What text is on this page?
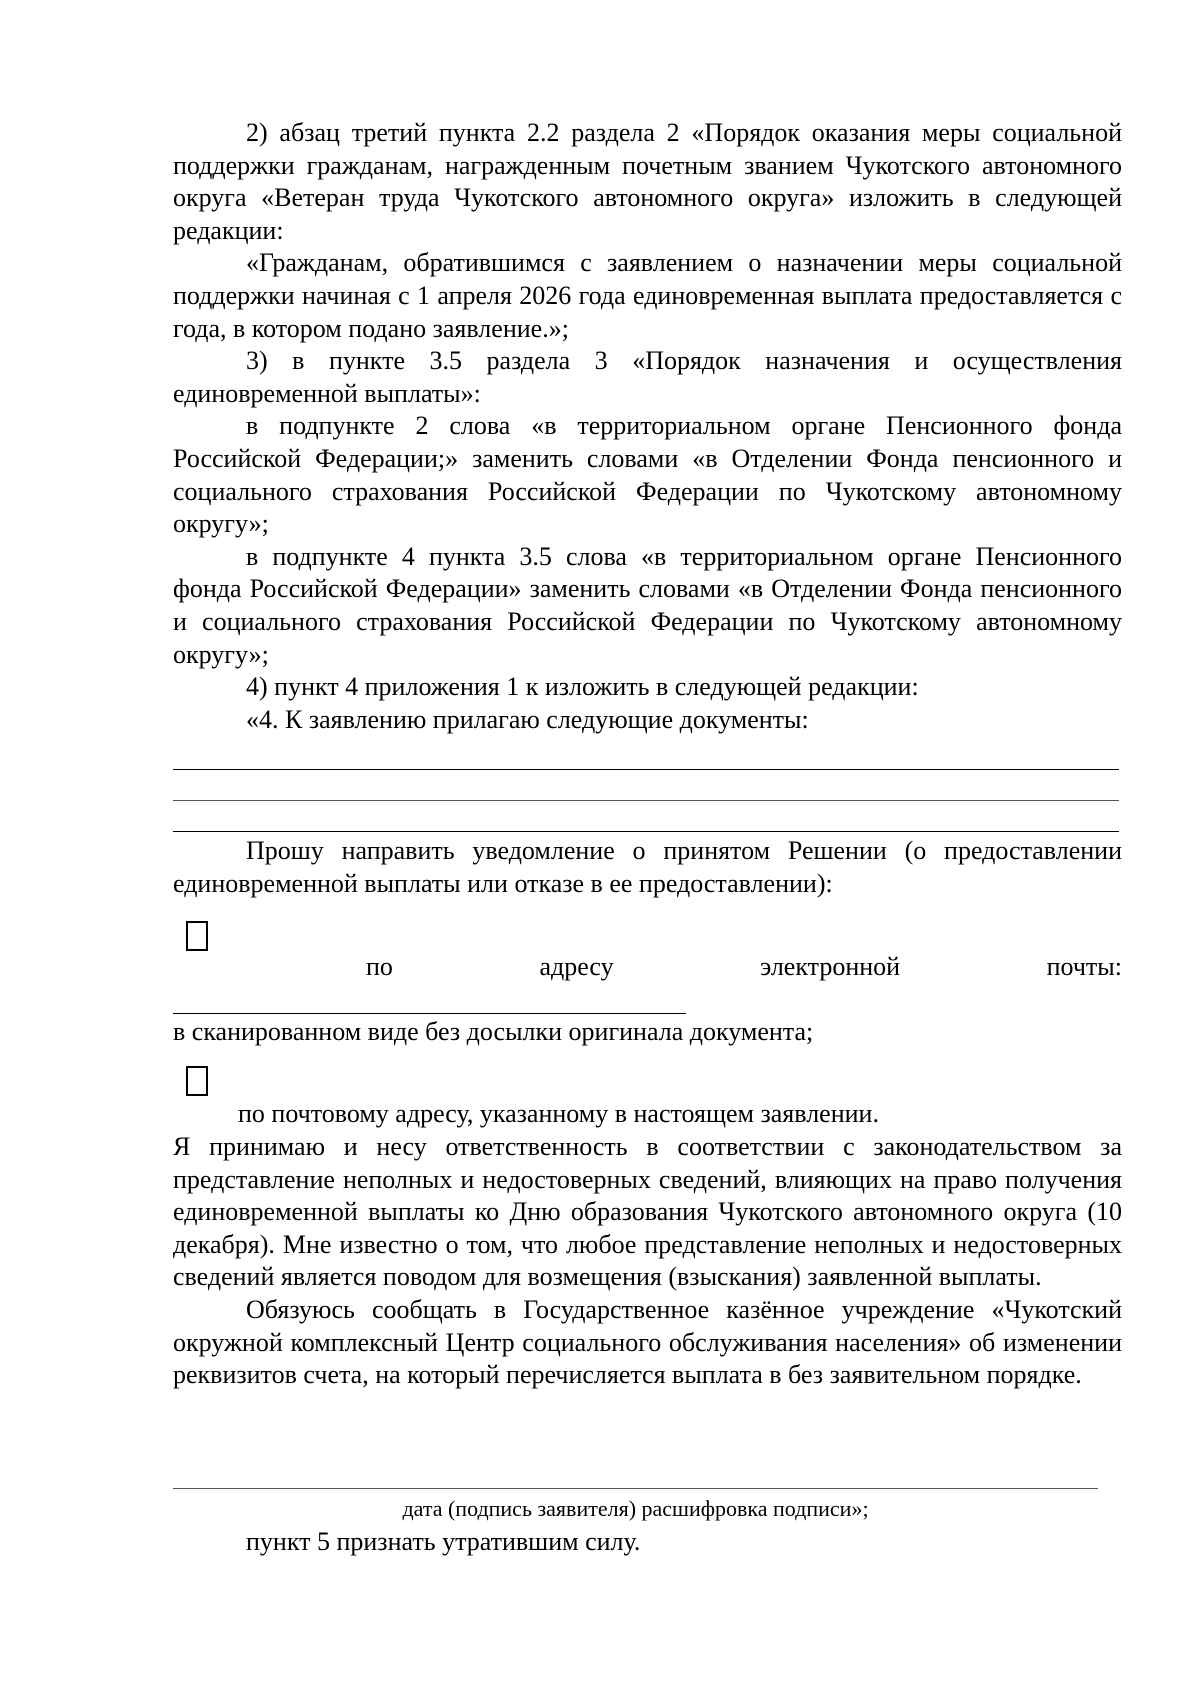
2) абзац третий пункта 2.2 раздела 2 «Порядок оказания меры социальной поддержки гражданам, награжденным почетным званием Чукотского автономного округа «Ветеран труда Чукотского автономного округа» изложить в следующей редакции:

«Гражданам, обратившимся с заявлением о назначении меры социальной поддержки начиная с 1 апреля 2026 года единовременная выплата предоставляется с года, в котором подано заявление.»;

3) в пункте 3.5 раздела 3 «Порядок назначения и осуществления единовременной выплаты»:

в подпункте 2 слова «в территориальном органе Пенсионного фонда Российской Федерации;» заменить словами «в Отделении Фонда пенсионного и социального страхования Российской Федерации по Чукотскому автономному округу»;

в подпункте 4 пункта 3.5 слова «в территориальном органе Пенсионного фонда Российской Федерации» заменить словами «в Отделении Фонда пенсионного и социального страхования Российской Федерации по Чукотскому автономному округу»;

4) пункт 4 приложения 1 к изложить в следующей редакции:

«4. К заявлению прилагаю следующие документы:

Прошу направить уведомление о принятом Решении (о предоставлении единовременной выплаты или отказе в ее предоставлении):

по	адресу	электронной	почты:
в сканированном виде без досылки оригинала документа;
по почтовому адресу, указанному в настоящем заявлении.

Я принимаю и несу ответственность в соответствии с законодательством за представление неполных и недостоверных сведений, влияющих на право получения единовременной выплаты ко Дню образования Чукотского автономного округа (10 декабря). Мне известно о том, что любое представление неполных и недостоверных сведений является поводом для возмещения (взыскания) заявленной выплаты.

Обязуюсь сообщать в Государственное казённое учреждение «Чукотский окружной комплексный Центр социального обслуживания населения» об изменении реквизитов счета, на который перечисляется выплата в без заявительном порядке.

дата (подпись заявителя) расшифровка подписи»;
пункт 5 признать утратившим силу.
